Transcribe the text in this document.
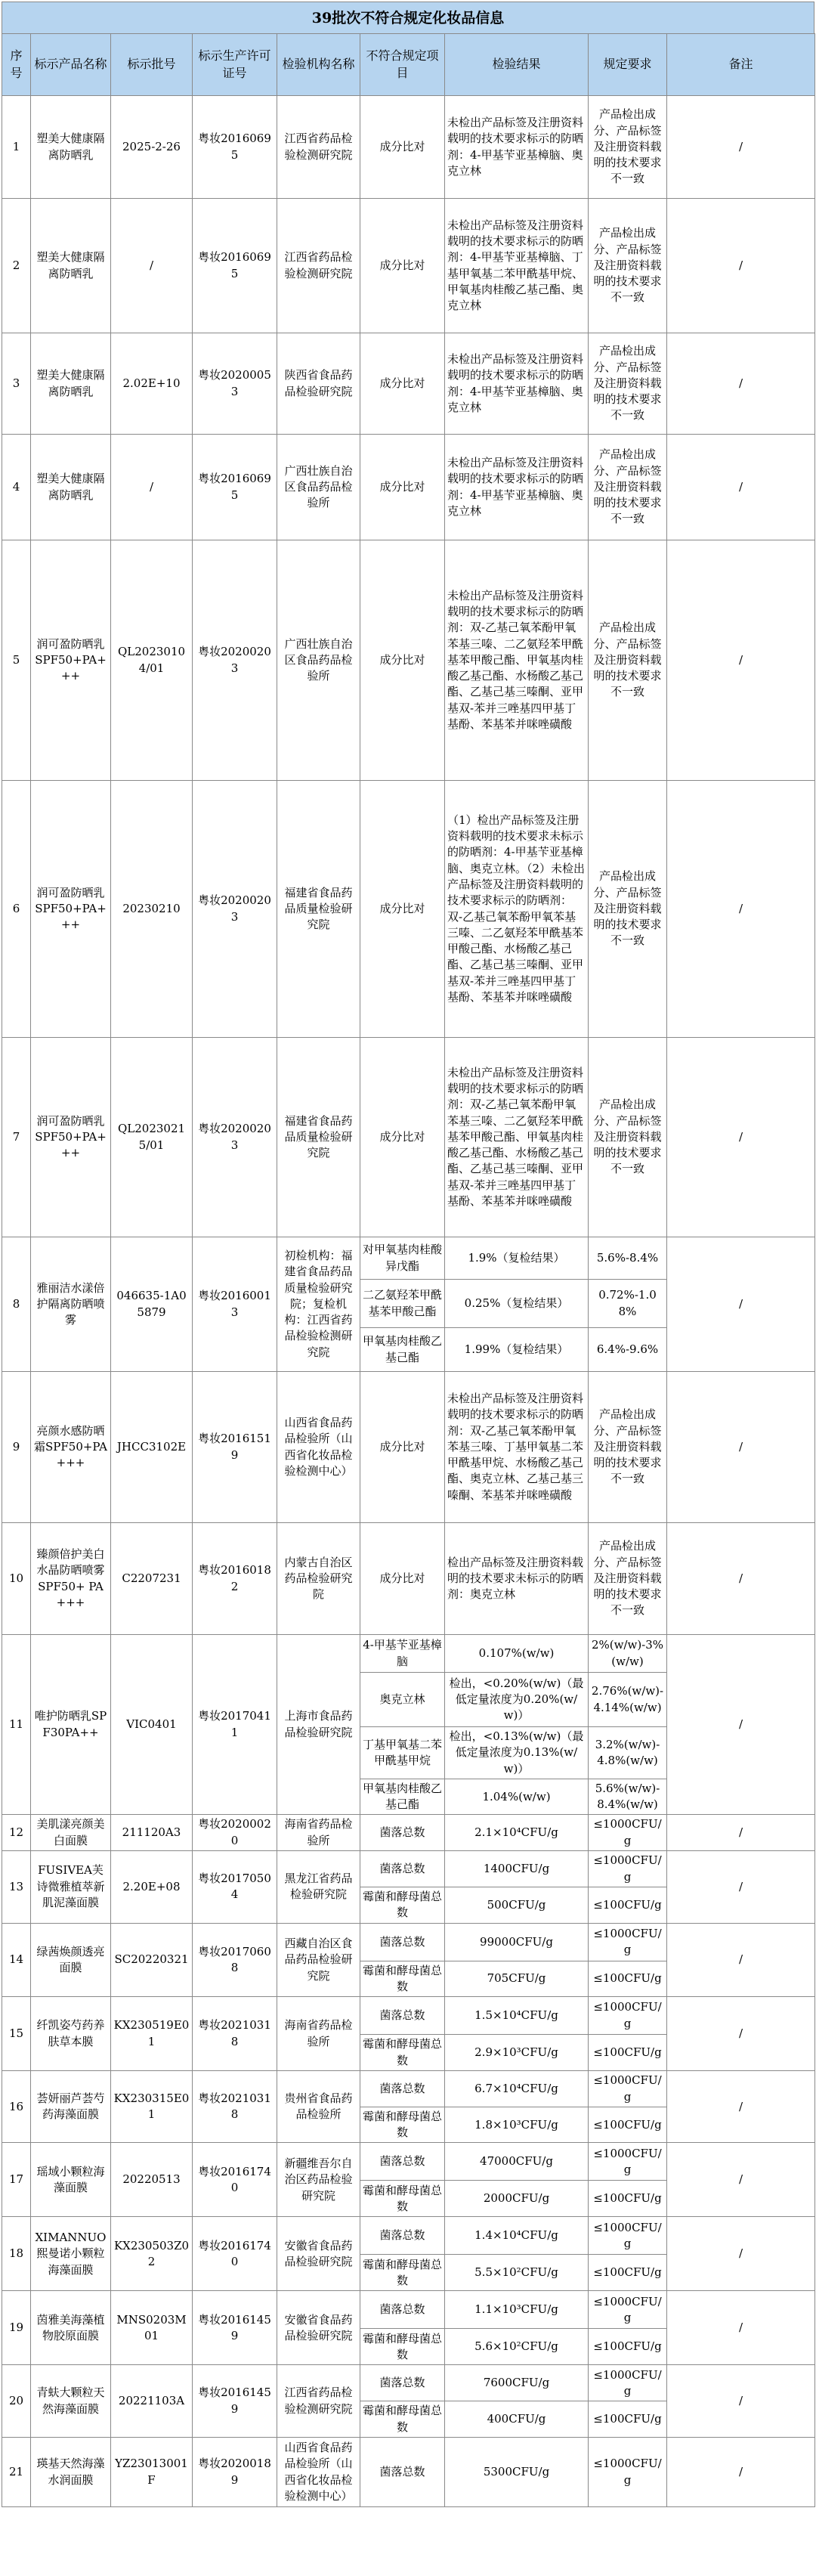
39批次不符合规定化妆品信息
序号	标示产品名称	标示批号	标示生产许可证号	检验机构名称	不符合规定项目	检验结果	规定要求	备注
1	塑美大健康隔离防晒乳	2025-2-26	粤妆20160695	江西省药品检验检测研究院	成分比对	未检出产品标签及注册资料载明的技术要求标示的防晒剂：4-甲基苄亚基樟脑、奥克立林	产品检出成分、产品标签及注册资料载明的技术要求不一致	/
2	塑美大健康隔离防晒乳	/	粤妆20160695	江西省药品检验检测研究院	成分比对	未检出产品标签及注册资料载明的技术要求标示的防晒剂：4-甲基苄亚基樟脑、丁基甲氧基二苯甲酰基甲烷、甲氧基肉桂酸乙基己酯、奥克立林	产品检出成分、产品标签及注册资料载明的技术要求不一致	/
3	塑美大健康隔离防晒乳	2.02E+10	粤妆20200053	陕西省食品药品检验研究院	成分比对	未检出产品标签及注册资料载明的技术要求标示的防晒剂：4-甲基苄亚基樟脑、奥克立林	产品检出成分、产品标签及注册资料载明的技术要求不一致	/
4	塑美大健康隔离防晒乳	/	粤妆20160695	广西壮族自治区食品药品检验所	成分比对	未检出产品标签及注册资料载明的技术要求标示的防晒剂：4-甲基苄亚基樟脑、奥克立林	产品检出成分、产品标签及注册资料载明的技术要求不一致	/
5	润可盈防晒乳SPF50+PA+++	QL20230104/01	粤妆20200203	广西壮族自治区食品药品检验所	成分比对	未检出产品标签及注册资料载明的技术要求标示的防晒剂：双-乙基己氧苯酚甲氧苯基三嗪、二乙氨羟苯甲酰基苯甲酸己酯、甲氧基肉桂酸乙基己酯、水杨酸乙基己酯、乙基己基三嗪酮、亚甲基双-苯并三唑基四甲基丁基酚、苯基苯并咪唑磺酸	产品检出成分、产品标签及注册资料载明的技术要求不一致	/
6	润可盈防晒乳SPF50+PA+++	20230210	粤妆20200203	福建省食品药品质量检验研究院	成分比对	（1）检出产品标签及注册资料载明的技术要求未标示的防晒剂：4-甲基苄亚基樟脑、奥克立林。（2）未检出产品标签及注册资料载明的技术要求标示的防晒剂：双-乙基己氧苯酚甲氧苯基三嗪、二乙氨羟苯甲酰基苯甲酸己酯、水杨酸乙基己酯、乙基己基三嗪酮、亚甲基双-苯并三唑基四甲基丁基酚、苯基苯并咪唑磺酸	产品检出成分、产品标签及注册资料载明的技术要求不一致	/
7	润可盈防晒乳SPF50+PA+++	QL20230215/01	粤妆20200203	福建省食品药品质量检验研究院	成分比对	未检出产品标签及注册资料载明的技术要求标示的防晒剂：双-乙基己氧苯酚甲氧苯基三嗪、二乙氨羟苯甲酰基苯甲酸己酯、甲氧基肉桂酸乙基己酯、水杨酸乙基己酯、乙基己基三嗪酮、亚甲基双-苯并三唑基四甲基丁基酚、苯基苯并咪唑磺酸	产品检出成分、产品标签及注册资料载明的技术要求不一致	/
8	雅丽洁水漾倍护隔离防晒喷雾	046635-1A05879	粤妆20160013	初检机构：福建省食品药品质量检验研究院；复检机构：江西省药品检验检测研究院	对甲氧基肉桂酸异戊酯	1.9%（复检结果）	5.6%-8.4%	/
					二乙氨羟苯甲酰基苯甲酸己酯	0.25%（复检结果）	0.72%-1.08%	
					甲氧基肉桂酸乙基己酯	1.99%（复检结果）	6.4%-9.6%	
9	亮颜水感防晒霜SPF50+PA+++	JHCC3102E	粤妆20161519	山西省食品药品检验所（山西省化妆品检验检测中心）	成分比对	未检出产品标签及注册资料载明的技术要求标示的防晒剂：双-乙基己氧苯酚甲氧苯基三嗪、丁基甲氧基二苯甲酰基甲烷、水杨酸乙基己酯、奥克立林、乙基己基三嗪酮、苯基苯并咪唑磺酸	产品检出成分、产品标签及注册资料载明的技术要求不一致	/
10	臻颜倍护美白水晶防晒喷雾SPF50+ PA+++	C2207231	粤妆20160182	内蒙古自治区药品检验研究院	成分比对	检出产品标签及注册资料载明的技术要求未标示的防晒剂：奥克立林	产品检出成分、产品标签及注册资料载明的技术要求不一致	/
11	唯护防晒乳SPF30PA++	VIC0401	粤妆20170411	上海市食品药品检验研究院	4-甲基苄亚基樟脑	0.107%(w/w)	2%(w/w)-3%(w/w)	/
					奥克立林	检出，<0.20%(w/w)（最低定量浓度为0.20%(w/w)）	2.76%(w/w)-4.14%(w/w)	
					丁基甲氧基二苯甲酰基甲烷	检出，<0.13%(w/w)（最低定量浓度为0.13%(w/w)）	3.2%(w/w)-4.8%(w/w)	
					甲氧基肉桂酸乙基己酯	1.04%(w/w)	5.6%(w/w)-8.4%(w/w)	
12	美肌漾亮颜美白面膜	211120A3	粤妆20200020	海南省药品检验所	菌落总数	2.1×10⁴CFU/g	≤1000CFU/g	/
13	FUSIVEA芙诗微雅植萃新肌泥藻面膜	2.20E+08	粤妆20170504	黑龙江省药品检验研究院	菌落总数	1400CFU/g	≤1000CFU/g	/
					霉菌和酵母菌总数	500CFU/g	≤100CFU/g	
14	绿茜焕颜透亮面膜	SC20220321	粤妆20170608	西藏自治区食品药品检验研究院	菌落总数	99000CFU/g	≤1000CFU/g	/
					霉菌和酵母菌总数	705CFU/g	≤100CFU/g	
15	纤凯姿芍药养肤草本膜	KX230519E01	粤妆20210318	海南省药品检验所	菌落总数	1.5×10⁴CFU/g	≤1000CFU/g	/
					霉菌和酵母菌总数	2.9×10³CFU/g	≤100CFU/g	
16	荟妍丽芦荟芍药海藻面膜	KX230315E01	粤妆20210318	贵州省食品药品检验所	菌落总数	6.7×10⁴CFU/g	≤1000CFU/g	/
					霉菌和酵母菌总数	1.8×10³CFU/g	≤100CFU/g	
17	瑶域小颗粒海藻面膜	20220513	粤妆20161740	新疆维吾尔自治区药品检验研究院	菌落总数	47000CFU/g	≤1000CFU/g	/
					霉菌和酵母菌总数	2000CFU/g	≤100CFU/g	
18	XIMANNUO熙曼诺小颗粒海藻面膜	KX230503Z02	粤妆20161740	安徽省食品药品检验研究院	菌落总数	1.4×10⁴CFU/g	≤1000CFU/g	/
					霉菌和酵母菌总数	5.5×10²CFU/g	≤100CFU/g	
19	茵雅美海藻植物胶原面膜	MNS0203M01	粤妆20161459	安徽省食品药品检验研究院	菌落总数	1.1×10³CFU/g	≤1000CFU/g	/
					霉菌和酵母菌总数	5.6×10²CFU/g	≤100CFU/g	
20	青蚨大颗粒天然海藻面膜	20221103A	粤妆20161459	江西省药品检验检测研究院	菌落总数	7600CFU/g	≤1000CFU/g	/
					霉菌和酵母菌总数	400CFU/g	≤100CFU/g	
21	瑛基天然海藻水润面膜	YZ23013001F	粤妆20200189	山西省食品药品检验所（山西省化妆品检验检测中心）	菌落总数	5300CFU/g	≤1000CFU/g	/
